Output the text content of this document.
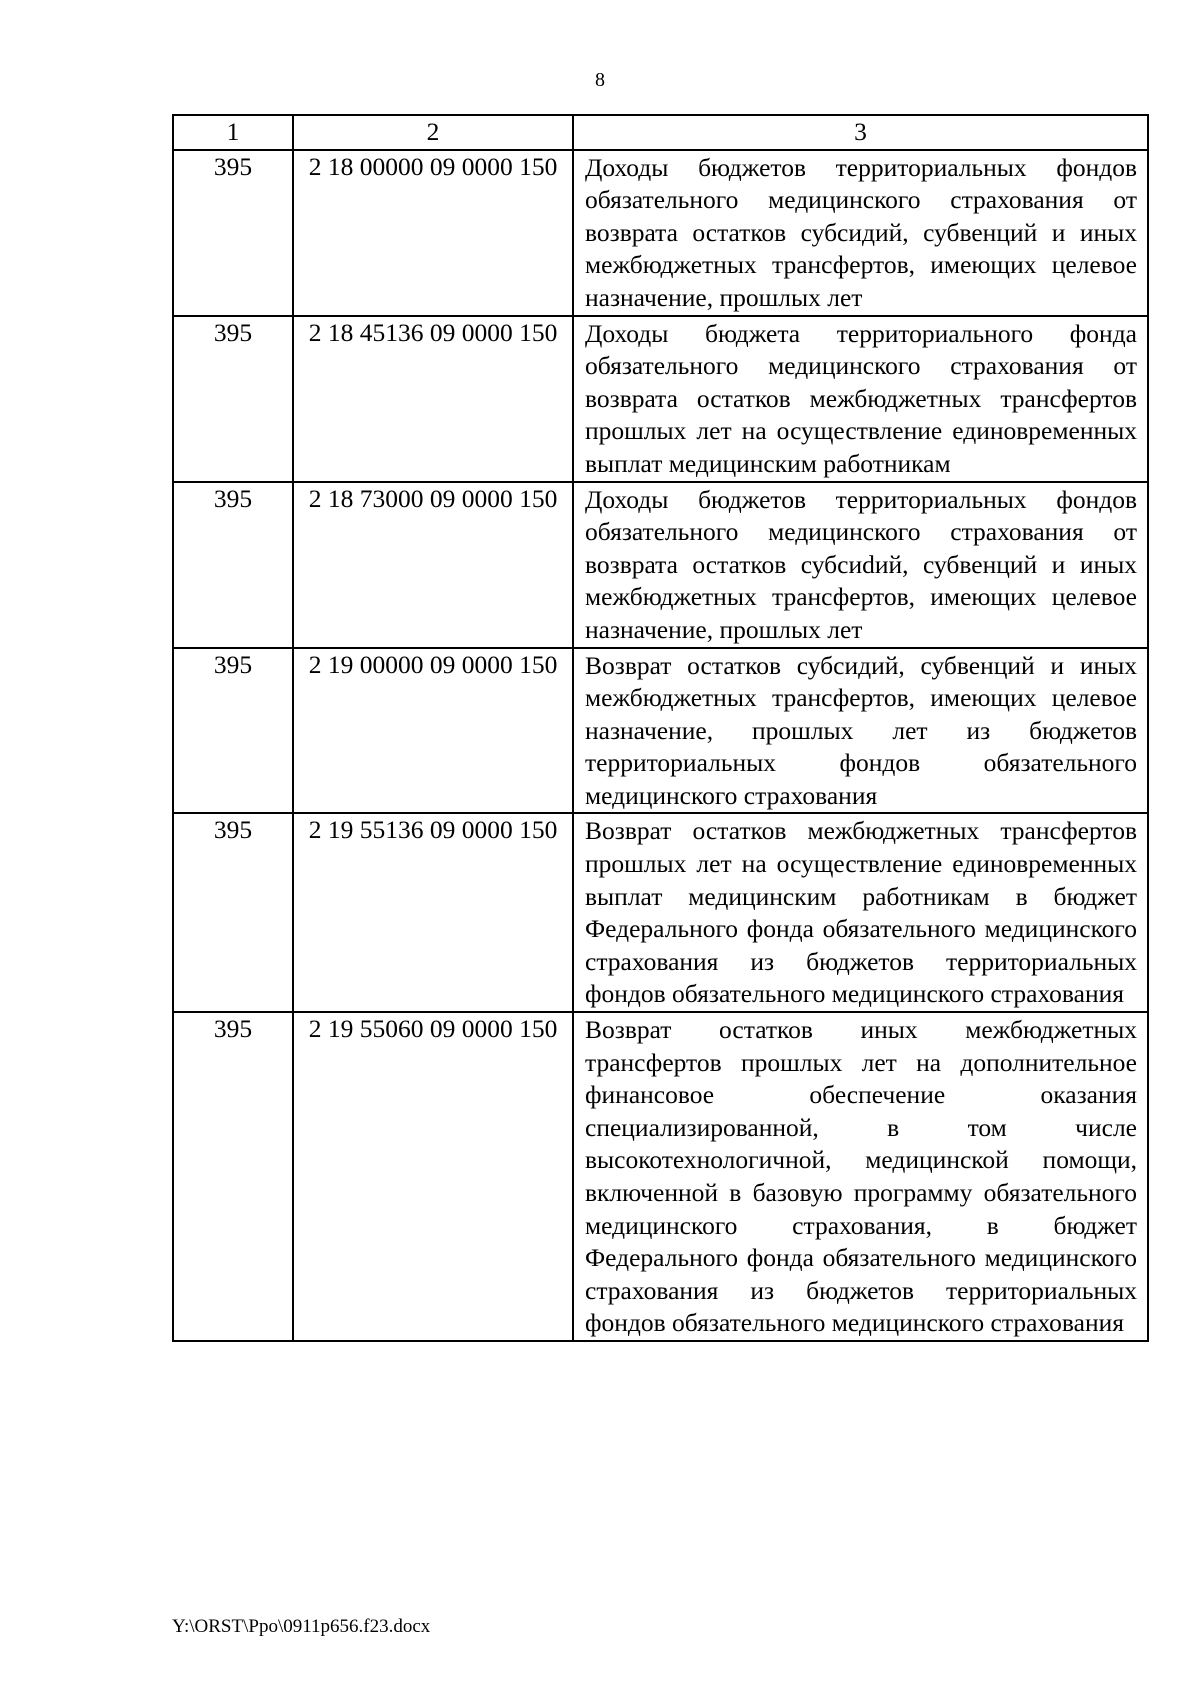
8
1	2	3
395	2 18 00000 09 0000 150	Доходы бюджетов территориальных фондов обязательного медицинского страхования от возврата остатков субсидий, субвенций и иных межбюджетных трансфертов, имеющих целевое назначение, прошлых лет

395	2 18 45136 09 0000 150	Доходы бюджета территориального фонда обязательного медицинского страхования от возврата остатков межбюджетных трансфертов прошлых лет на осуществление единовременных выплат медицинским работникам

395	2 18 73000 09 0000 150	Доходы бюджетов территориальных фондов обязательного медицинского страхования от возврата остатков субсиdий, субвенций и иных межбюджетных трансфертов, имеющих целевое назначение, прошлых лет

395	2 19 00000 09 0000 150	Возврат остатков субсидий, субвенций и иных межбюджетных трансфертов, имеющих целевое назначение, прошлых лет из бюджетов территориальных фондов обязательного медицинского страхования

395	2 19 55136 09 0000 150	Возврат остатков межбюджетных трансфертов прошлых лет на осуществление единовременных выплат медицинским работникам в бюджет Федерального фонда обязательного медицинского страхования из бюджетов территориальных фондов обязательного медицинского страхования

395	2 19 55060 09 0000 150	Возврат остатков иных межбюджетных трансфертов прошлых лет на дополнительное финансовое обеспечение оказания специализированной, в том числе высокотехнологичной, медицинской помощи, включенной в базовую программу обязательного медицинского страхования, в бюджет Федерального фонда обязательного медицинского страхования из бюджетов территориальных фондов обязательного медицинского страхования
Y:\ORST\Ppo\0911p656.f23.docx
